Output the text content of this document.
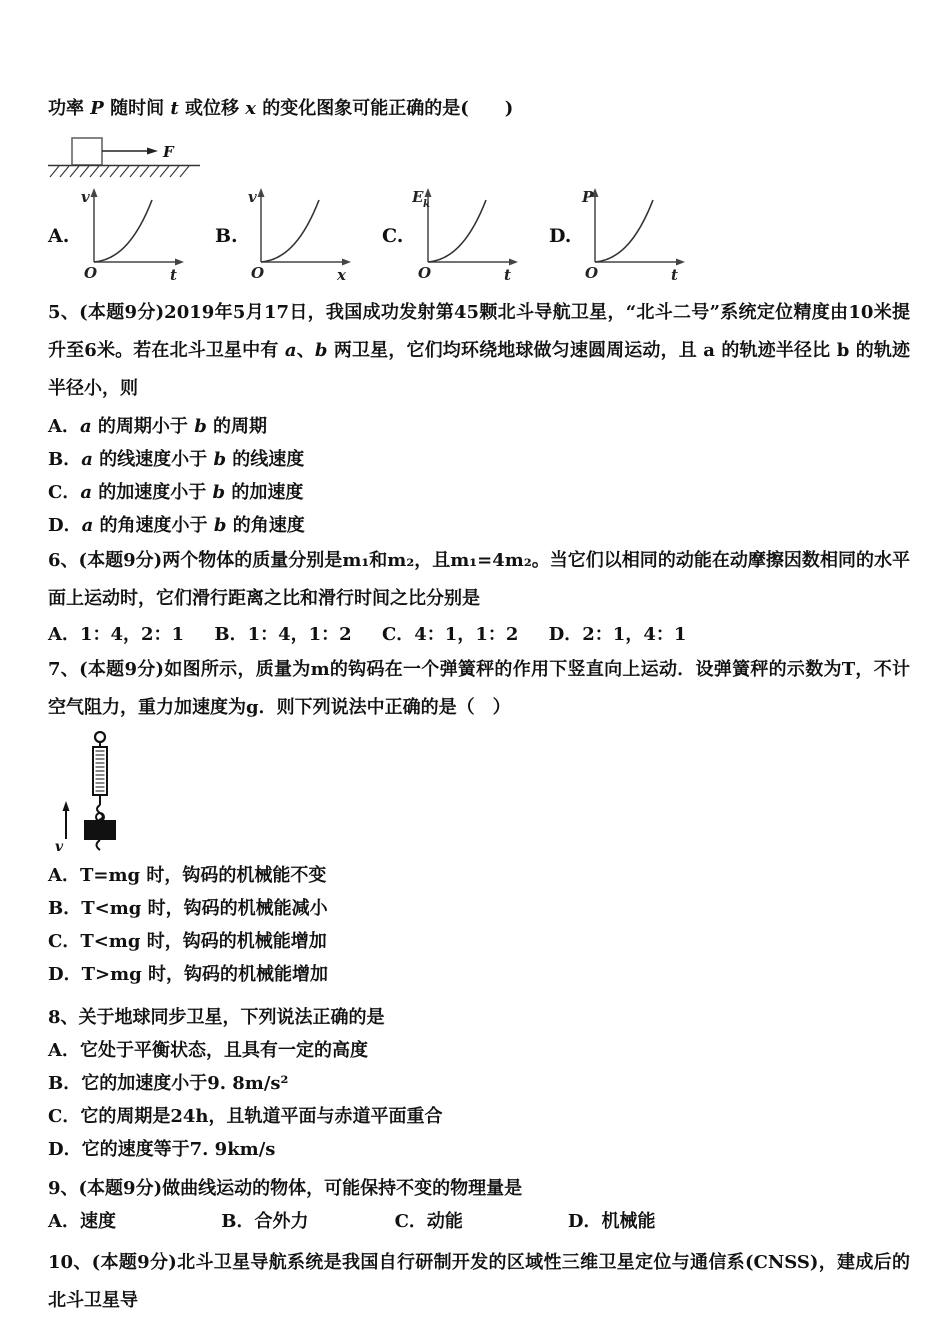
功率 P 随时间 t 或位移 x 的变化图象可能正确的是(　　)
F
A.
v
O	t
B.
v
O	x
C.
E k
O	t
D.
P
O	t
5、(本题9分)2019年5月17日，我国成功发射第45颗北斗导航卫星，“北斗二号”系统定位精度由10米提升至6米。若在北斗卫星中有 a、b 两卫星，它们均环绕地球做匀速圆周运动，且 a 的轨迹半径比 b 的轨迹半径小，则
A．a 的周期小于 b 的周期
B．a 的线速度小于 b 的线速度
C．a 的加速度小于 b 的加速度
D．a 的角速度小于 b 的角速度
6、(本题9分)两个物体的质量分别是m₁和m₂，且m₁=4m₂。当它们以相同的动能在动摩擦因数相同的水平面上运动时，它们滑行距离之比和滑行时间之比分别是
A．1：4，2：1 B．1：4，1：2 C．4：1，1：2 D．2：1，4：1
7、(本题9分)如图所示，质量为m的钩码在一个弹簧秤的作用下竖直向上运动．设弹簧秤的示数为T，不计空气阻力，重力加速度为g．则下列说法中正确的是（　）
v
A．T=mg 时，钩码的机械能不变
B．T<mg 时，钩码的机械能减小
C．T<mg 时，钩码的机械能增加
D．T>mg 时，钩码的机械能增加
8、关于地球同步卫星，下列说法正确的是
A．它处于平衡状态，且具有一定的高度
B．它的加速度小于9. 8m/s²
C．它的周期是24h，且轨道平面与赤道平面重合
D．它的速度等于7. 9km/s
9、(本题9分)做曲线运动的物体，可能保持不变的物理量是
A．速度	B．合外力	C．动能	D．机械能
10、(本题9分)北斗卫星导航系统是我国自行研制开发的区域性三维卫星定位与通信系(CNSS)，建成后的北斗卫星导
